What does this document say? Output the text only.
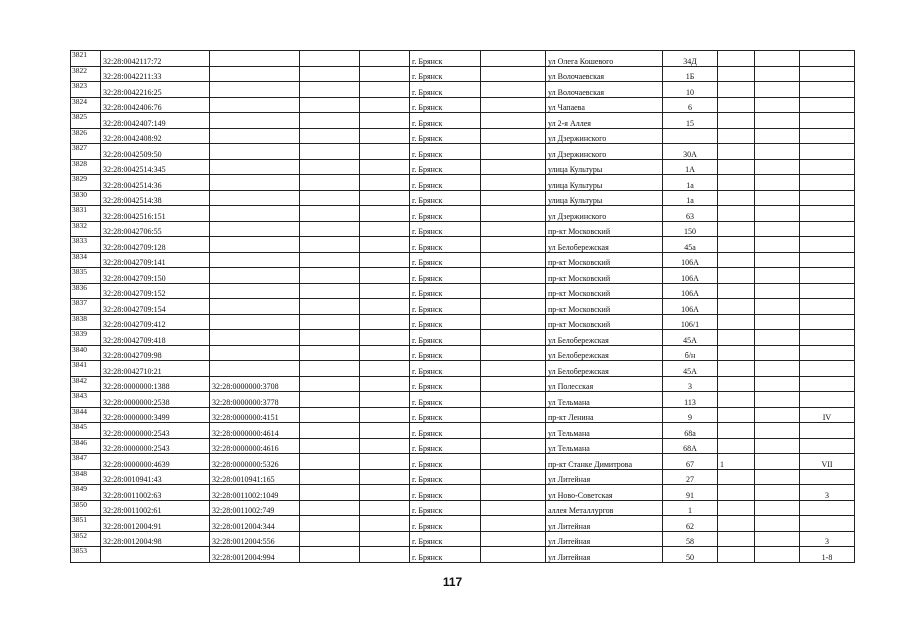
3821	32:28:0042117:72				г. Брянск		ул Олега Кошевого	34Д			
3822	32:28:0042211:33				г. Брянск		ул Волочаевская	1Б			
3823	32:28:0042216:25				г. Брянск		ул Волочаевская	10			
3824	32:28:0042406:76				г. Брянск		ул Чапаева	6			
3825	32:28:0042407:149				г. Брянск		ул 2-я Аллея	15			
3826	32:28:0042408:92				г. Брянск		ул Дзержинского				
3827	32:28:0042509:50				г. Брянск		ул Дзержинского	30А			
3828	32:28:0042514:345				г. Брянск		улица Культуры	1А			
3829	32:28:0042514:36				г. Брянск		улица Культуры	1а			
3830	32:28:0042514:38				г. Брянск		улица Культуры	1а			
3831	32:28:0042516:151				г. Брянск		ул Дзержинского	63			
3832	32:28:0042706:55				г. Брянск		пр-кт Московский	150			
3833	32:28:0042709:128				г. Брянск		ул Белобережская	45а			
3834	32:28:0042709:141				г. Брянск		пр-кт Московский	106А			
3835	32:28:0042709:150				г. Брянск		пр-кт Московский	106А			
3836	32:28:0042709:152				г. Брянск		пр-кт Московский	106А			
3837	32:28:0042709:154				г. Брянск		пр-кт Московский	106А			
3838	32:28:0042709:412				г. Брянск		пр-кт Московский	106/1			
3839	32:28:0042709:418				г. Брянск		ул Белобережская	45А			
3840	32:28:0042709:98				г. Брянск		ул Белобережская	б/н			
3841	32:28:0042710:21				г. Брянск		ул Белобережская	45А			
3842	32:28:0000000:1388	32:28:0000000:3708			г. Брянск		ул Полесская	3			
3843	32:28:0000000:2538	32:28:0000000:3778			г. Брянск		ул Тельмана	113			
3844	32:28:0000000:3499	32:28:0000000:4151			г. Брянск		пр-кт Ленина	9			IV
3845	32:28:0000000:2543	32:28:0000000:4614			г. Брянск		ул Тельмана	68а			
3846	32:28:0000000:2543	32:28:0000000:4616			г. Брянск		ул Тельмана	68А			
3847	32:28:0000000:4639	32:28:0000000:5326			г. Брянск		пр-кт Станке Димитрова	67	1		VII
3848	32:28:0010941:43	32:28:0010941:165			г. Брянск		ул Литейная	27			
3849	32:28:0011002:63	32:28:0011002:1049			г. Брянск		ул Ново-Советская	91			3
3850	32:28:0011002:61	32:28:0011002:749			г. Брянск		аллея Металлургов	1			
3851	32:28:0012004:91	32:28:0012004:344			г. Брянск		ул Литейная	62			
3852	32:28:0012004:98	32:28:0012004:556			г. Брянск		ул Литейная	58			3
3853		32:28:0012004:994			г. Брянск		ул Литейная	50			1-8
117
